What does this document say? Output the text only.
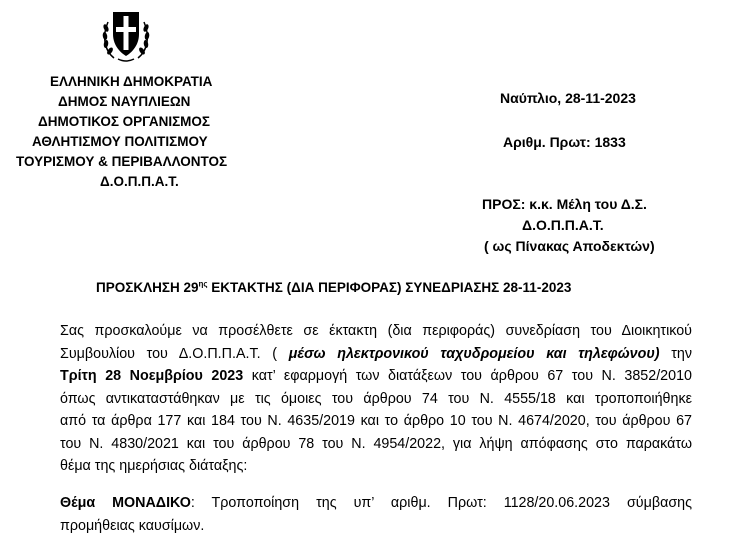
ΕΛΛΗΝΙΚΗ ΔΗΜΟΚΡΑΤΙΑ
ΔΗΜΟΣ ΝΑΥΠΛΙΕΩΝ
ΔΗΜΟΤΙΚΟΣ ΟΡΓΑΝΙΣΜΟΣ
ΑΘΛΗΤΙΣΜΟΥ ΠΟΛΙΤΙΣΜΟΥ
ΤΟΥΡΙΣΜΟΥ & ΠΕΡΙΒΑΛΛΟΝΤΟΣ
Δ.Ο.Π.Π.Α.Τ.
Ναύπλιο, 28-11-2023
Αριθμ. Πρωτ: 1833
ΠΡΟΣ: κ.κ. Μέλη του Δ.Σ.
Δ.Ο.Π.Π.Α.Τ.
( ως Πίνακας Αποδεκτών)
ΠΡΟΣΚΛΗΣΗ $29^{\eta\varsigma}$ ΕΚΤΑΚΤΗΣ (ΔΙΑ ΠΕΡΙΦΟΡΑΣ) ΣΥΝΕΔΡΙΑΣΗΣ 28-11-2023
Σας προσκαλούμε να προσέλθετε σε έκτακτη (δια περιφοράς) συνεδρίαση του Διοικητικού
Συμβουλίου του Δ.Ο.Π.Π.Α.Τ. ( μέσω ηλεκτρονικού ταχυδρομείου και τηλεφώνου) την
Τρίτη 28 Νοεμβρίου 2023 κατ’ εφαρμογή των διατάξεων του άρθρου 67 του Ν. 3852/2010
όπως αντικαταστάθηκαν με τις όμοιες του άρθρου 74 του Ν. 4555/18 και τροποποιήθηκε
από τα άρθρα 177 και 184 του Ν. 4635/2019 και το άρθρο 10 του Ν. 4674/2020, του άρθρου 67
του Ν. 4830/2021 και του άρθρου 78 του Ν. 4954/2022, για λήψη απόφασης στο παρακάτω
θέμα της ημερήσιας διάταξης:
Θέμα ΜΟΝΑΔΙΚΟ: Τροποποίηση της υπ’ αριθμ. Πρωτ: 1128/20.06.2023 σύμβασης
προμήθειας καυσίμων.
